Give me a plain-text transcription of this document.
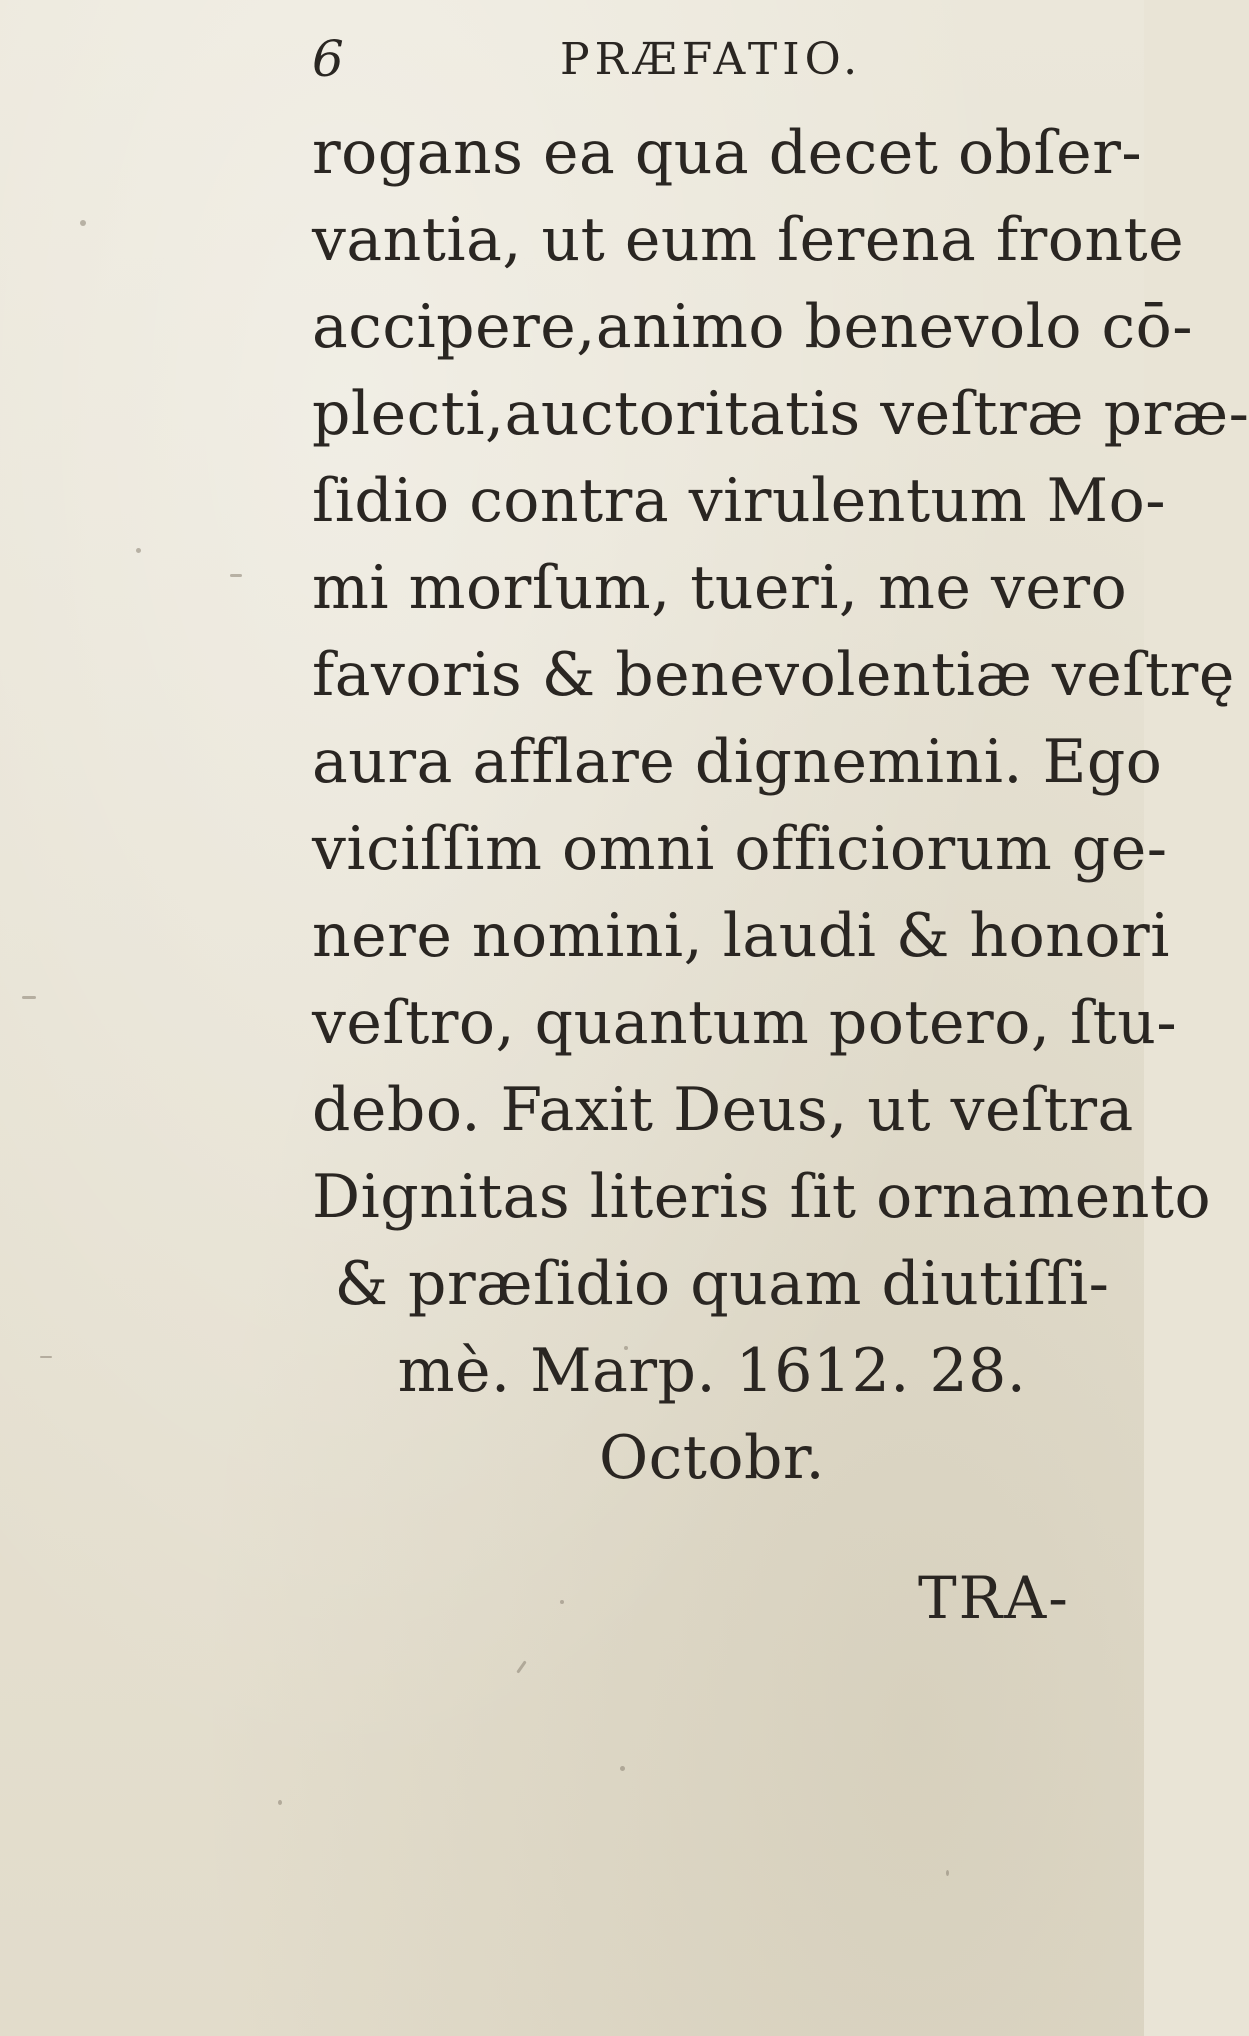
6	PRÆFATIO.
rogans ea qua decet obſer-
vantia, ut eum ſerena fronte
accipere,animo benevolo cō-
plecti,auctoritatis veſtræ præ-
ſidio contra virulentum Mo-
mi morſum, tueri, me vero
favoris & benevolentiæ veſtrę
aura afflare dignemini. Ego
viciſſim omni officiorum ge-
nere nomini, laudi & honori
veſtro, quantum potero, ſtu-
debo. Faxit Deus, ut veſtra
Dignitas literis ſit ornamento
& præſidio quam diutiſſi-
mè. Marp. 1612. 28.
Octobr.
TRA-
